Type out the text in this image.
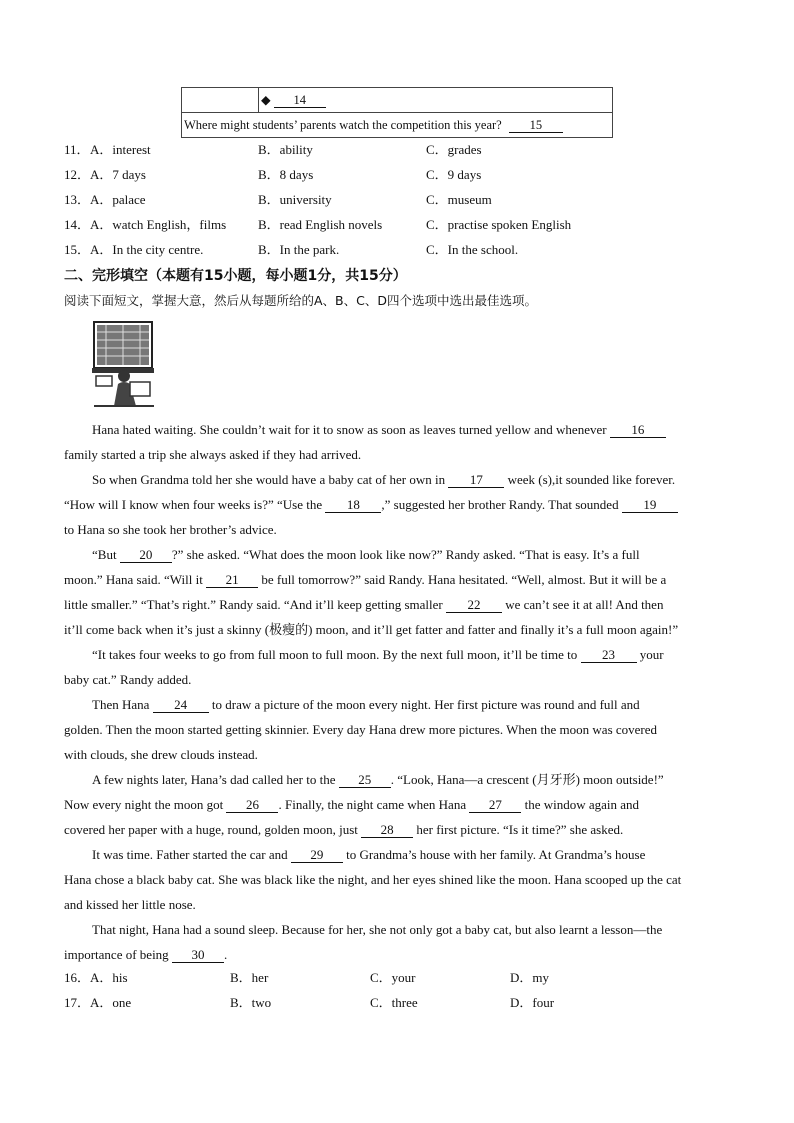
	◆ 14
Where might students’ parents watch the competition this year? 15
11． A．interest	B．ability	C．grades
12． A．7 days	B．8 days	C．9 days
13． A．palace	B．university	C．museum
14． A．watch English，films B．read English novels	C．practise spoken English
15． A．In the city centre.	B．In the park.	C．In the school.
二、完形填空（本题有15小题，每小题1分，共15分）
阅读下面短文，掌握大意，然后从每题所给的A、B、C、D四个选项中选出最佳选项。
Hana hated waiting. She couldn’t wait for it to snow as soon as leaves turned yellow and whenever 16
family started a trip she always asked if they had arrived.
So when Grandma told her she would have a baby cat of her own in 17 week (s),it sounded like forever.
“How will I know when four weeks is?” “Use the 18 ,” suggested her brother Randy. That sounded 19
to Hana so she took her brother’s advice.
“But 20 ?” she asked. “What does the moon look like now?” Randy asked. “That is easy. It’s a full
moon.” Hana said. “Will it 21 be full tomorrow?” said Randy. Hana hesitated. “Well, almost. But it will be a
little smaller.” “That’s right.” Randy said. “And it’ll keep getting smaller 22 we can’t see it at all! And then
it’ll come back when it’s just a skinny (极瘦的) moon, and it’ll get fatter and fatter and finally it’s a full moon again!”
“It takes four weeks to go from full moon to full moon. By the next full moon, it’ll be time to 23 your
baby cat.” Randy added.
Then Hana 24 to draw a picture of the moon every night. Her first picture was round and full and
golden. Then the moon started getting skinnier. Every day Hana drew more pictures. When the moon was covered
with clouds, she drew clouds instead.
A few nights later, Hana’s dad called her to the 25 . “Look, Hana—a crescent (月牙形) moon outside!”
Now every night the moon got 26 . Finally, the night came when Hana 27 the window again and
covered her paper with a huge, round, golden moon, just 28 her first picture. “Is it time?” she asked.
It was time. Father started the car and 29 to Grandma’s house with her family. At Grandma’s house
Hana chose a black baby cat. She was black like the night, and her eyes shined like the moon. Hana scooped up the cat
and kissed her little nose.
That night, Hana had a sound sleep. Because for her, she not only got a baby cat, but also learnt a lesson—the
importance of being 30 .
16． A．his	B．her	C．your	D．my
17． A．one	B．two	C．three	D．four
